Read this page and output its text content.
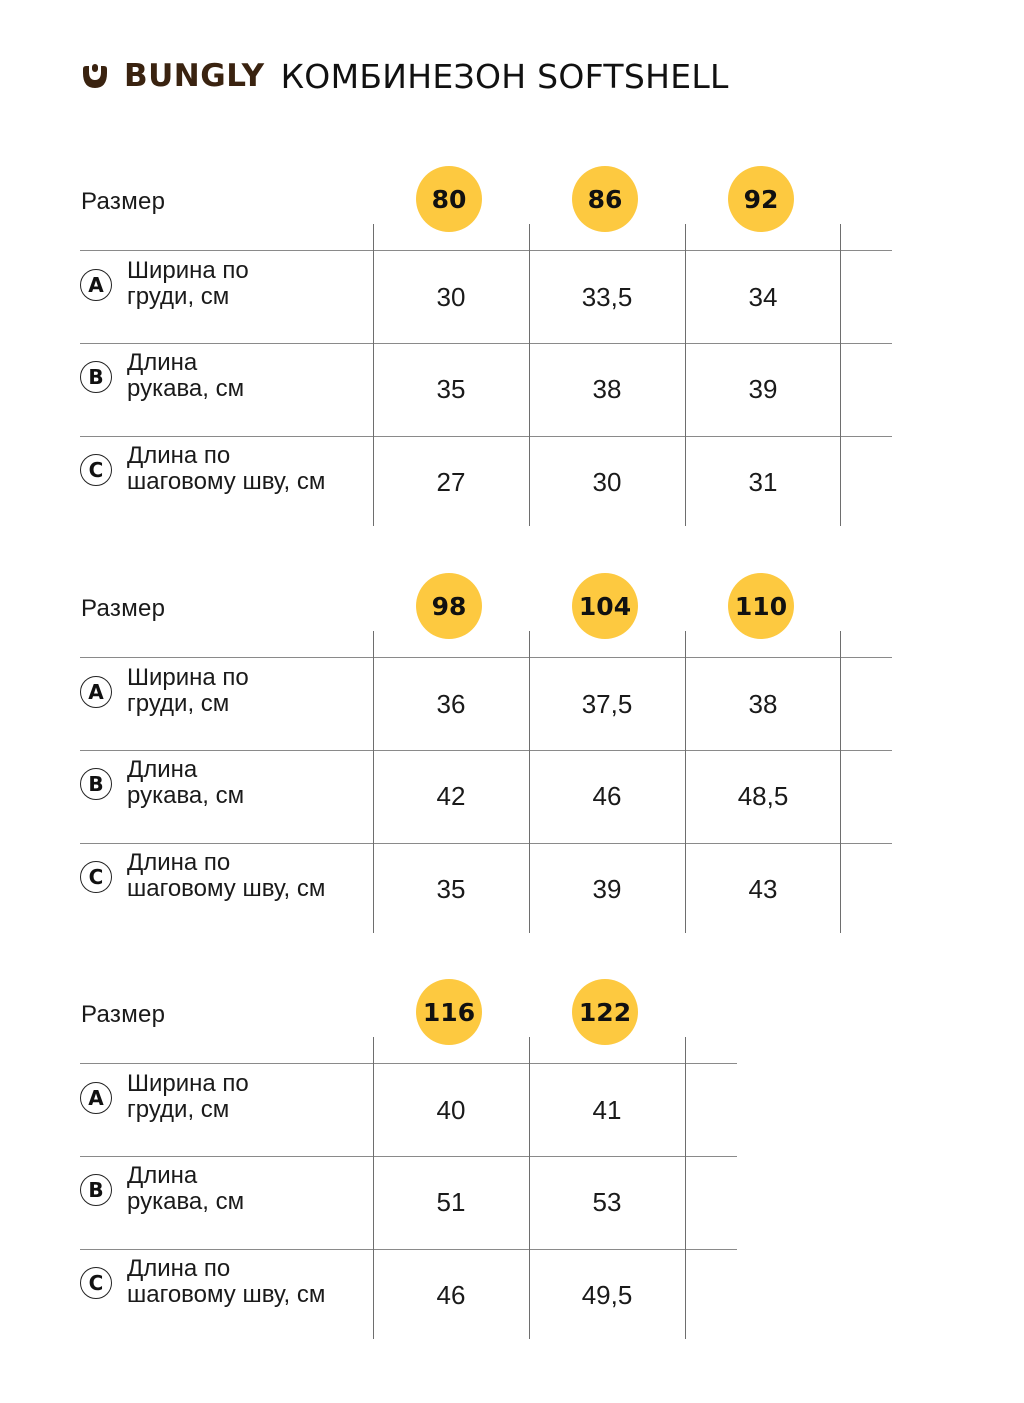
BUNGLY КОМБИНЕЗОН SOFTSHELL
Размер	80	86	92
A
Ширина по
груди, см	30	33,5	34
B
Длина
рукава, см	35	38	39
C
Длина по
шаговому шву, см	27	30	31
Размер	98	104	110
A
Ширина по
груди, см	36	37,5	38
B
Длина
рукава, см	42	46	48,5
C
Длина по
шаговому шву, см	35	39	43
Размер	116	122
A
Ширина по
груди, см	40	41
B
Длина
рукава, см	51	53
C
Длина по
шаговому шву, см	46	49,5
